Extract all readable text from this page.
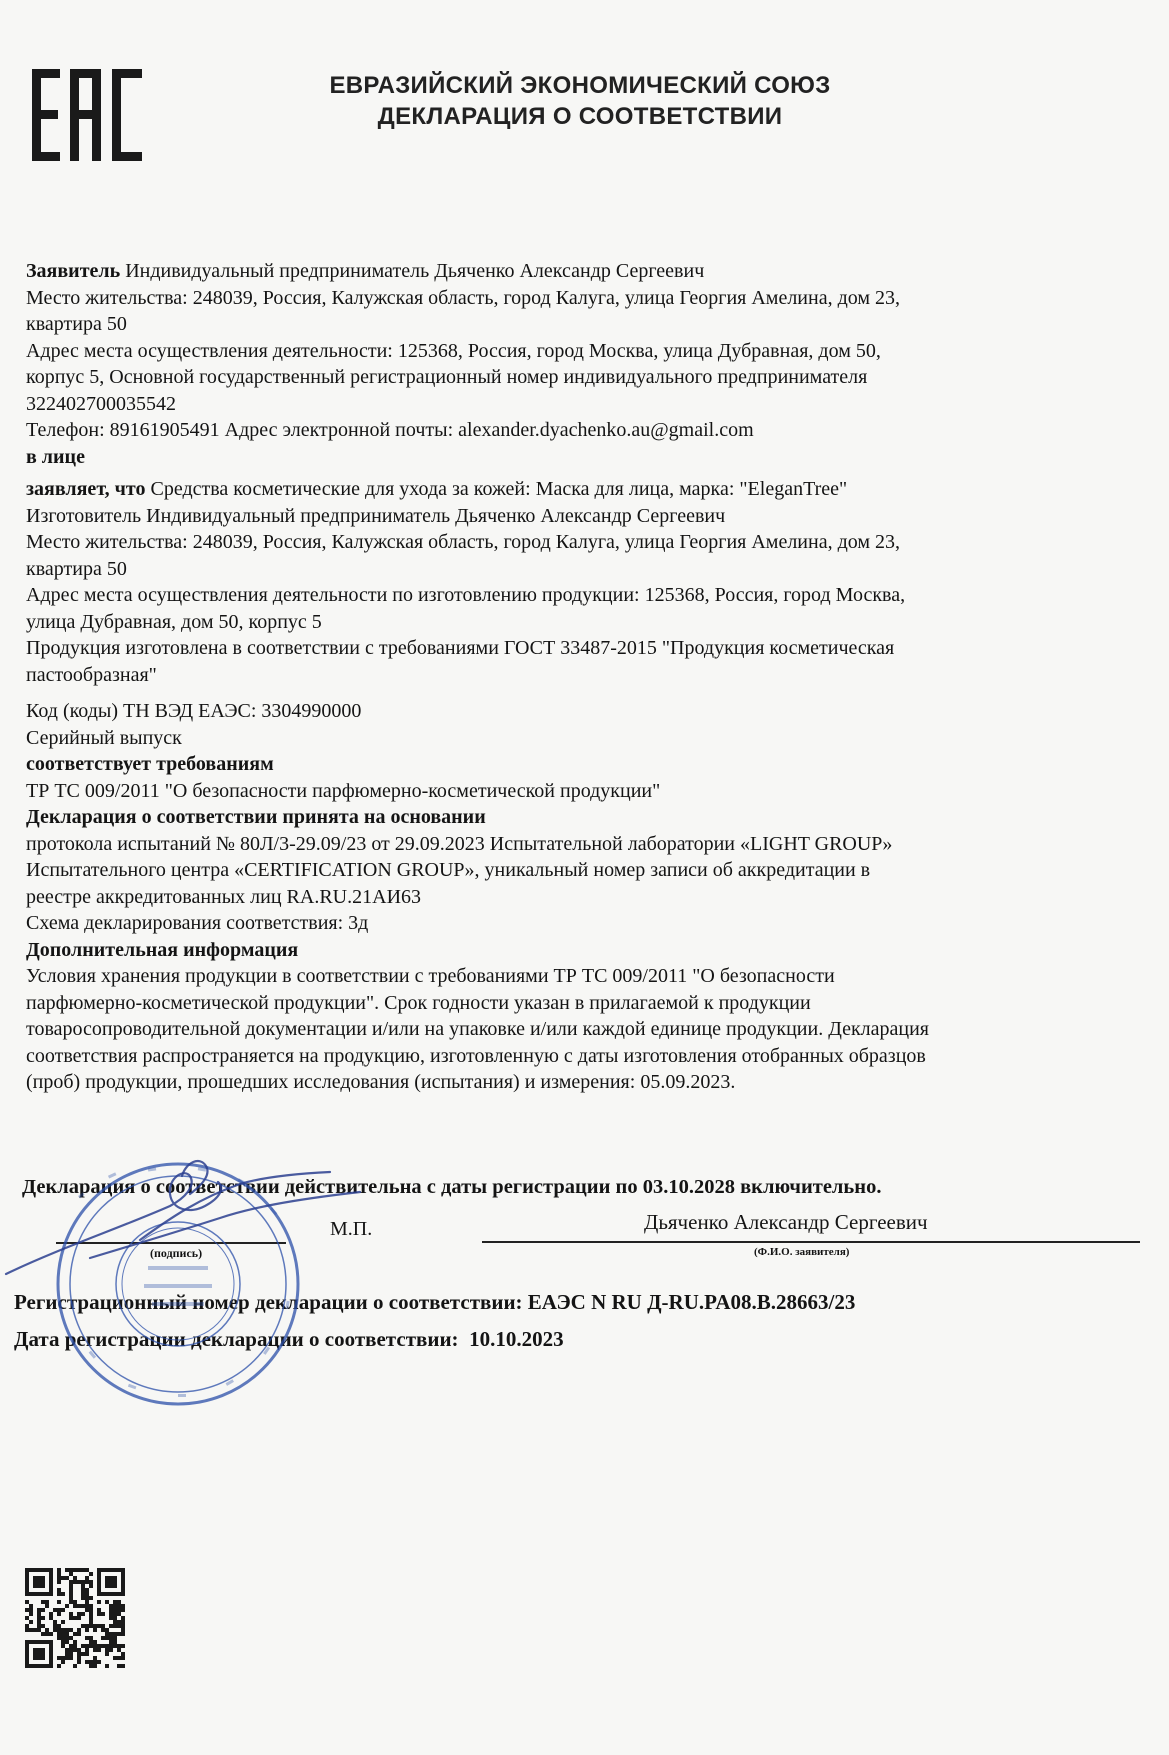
ЕВРАЗИЙСКИЙ ЭКОНОМИЧЕСКИЙ СОЮЗ
ДЕКЛАРАЦИЯ О СООТВЕТСТВИИ
Заявитель Индивидуальный предприниматель Дьяченко Александр Сергеевич
Место жительства: 248039, Россия, Калужская область, город Калуга, улица Георгия Амелина, дом 23,
квартира 50
Адрес места осуществления деятельности: 125368, Россия, город Москва, улица Дубравная, дом 50,
корпус 5, Основной государственный регистрационный номер индивидуального предпринимателя
322402700035542
Телефон: 89161905491 Адрес электронной почты: alexander.dyachenko.au@gmail.com
в лице
заявляет, что Средства косметические для ухода за кожей: Маска для лица, марка: "EleganTree"
Изготовитель Индивидуальный предприниматель Дьяченко Александр Сергеевич
Место жительства: 248039, Россия, Калужская область, город Калуга, улица Георгия Амелина, дом 23,
квартира 50
Адрес места осуществления деятельности по изготовлению продукции: 125368, Россия, город Москва,
улица Дубравная, дом 50, корпус 5
Продукция изготовлена в соответствии с требованиями ГОСТ 33487-2015 "Продукция косметическая
пастообразная"
Код (коды) ТН ВЭД ЕАЭС: 3304990000
Серийный выпуск
соответствует требованиям
ТР ТС 009/2011 "О безопасности парфюмерно-косметической продукции"
Декларация о соответствии принята на основании
протокола испытаний № 80Л/3-29.09/23 от 29.09.2023 Испытательной лаборатории «LIGHT GROUP»
Испытательного центра «CERTIFICATION GROUP», уникальный номер записи об аккредитации в
реестре аккредитованных лиц RA.RU.21АИ63
Схема декларирования соответствия: 3д
Дополнительная информация
Условия хранения продукции в соответствии с требованиями ТР ТС 009/2011 "О безопасности
парфюмерно-косметической продукции". Срок годности указан в прилагаемой к продукции
товаросопроводительной документации и/или на упаковке и/или каждой единице продукции. Декларация
соответствия распространяется на продукцию, изготовленную с даты изготовления отобранных образцов
(проб) продукции, прошедших исследования (испытания) и измерения: 05.09.2023.
Декларация о соответствии действительна с даты регистрации по 03.10.2028 включительно.
М.П.
(подпись)
Дьяченко Александр Сергеевич
(Ф.И.О. заявителя)
Регистрационный номер декларации о соответствии: ЕАЭС N RU Д-RU.PA08.B.28663/23
Дата регистрации декларации о соответствии: 10.10.2023
